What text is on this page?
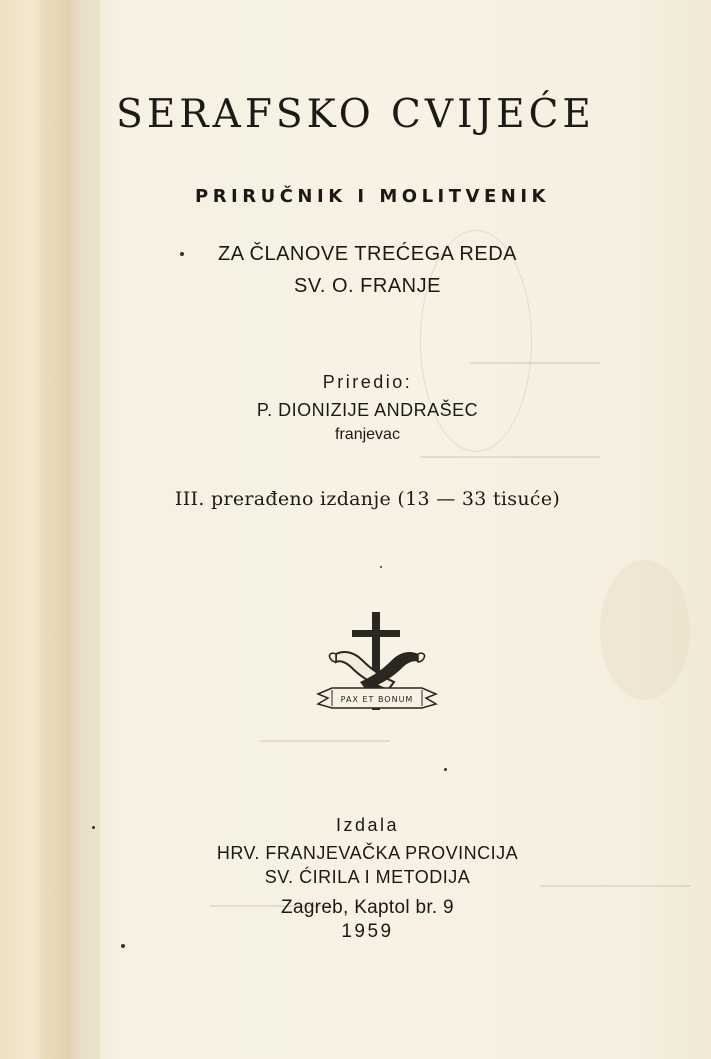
SERAFSKO CVIJEĆE
PRIRUČNIK I MOLITVENIK
ZA ČLANOVE TREĆEGA REDA
SV. O. FRANJE
Priredio:
P. DIONIZIJE ANDRAŠEC
franjevac
III. prerađeno izdanje (13 — 33 tisuće)
PAX ET BONUM
Izdala
HRV. FRANJEVAČKA PROVINCIJA
SV. ĆIRILA I METODIJA
Zagreb, Kaptol br. 9
1959
